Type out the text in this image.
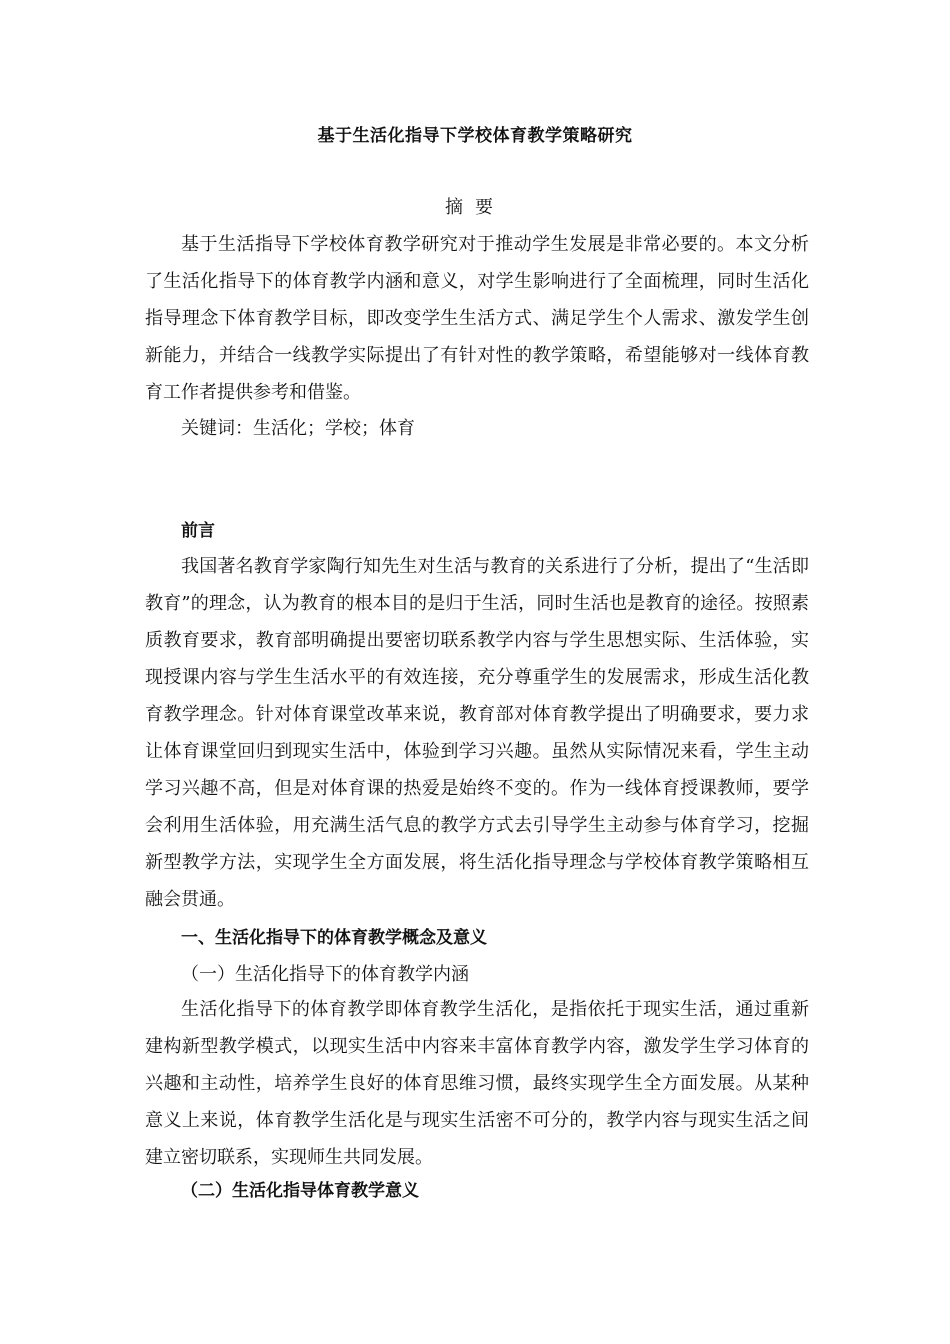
基于生活化指导下学校体育教学策略研究
摘要

基于生活指导下学校体育教学研究对于推动学生发展是非常必要的。本文分析了生活化指导下的体育教学内涵和意义，对学生影响进行了全面梳理，同时生活化指导理念下体育教学目标，即改变学生生活方式、满足学生个人需求、激发学生创新能力，并结合一线教学实际提出了有针对性的教学策略，希望能够对一线体育教育工作者提供参考和借鉴。

关键词：生活化；学校；体育

前言

我国著名教育学家陶行知先生对生活与教育的关系进行了分析，提出了“生活即教育”的理念，认为教育的根本目的是归于生活，同时生活也是教育的途径。按照素质教育要求，教育部明确提出要密切联系教学内容与学生思想实际、生活体验，实现授课内容与学生生活水平的有效连接，充分尊重学生的发展需求，形成生活化教育教学理念。针对体育课堂改革来说，教育部对体育教学提出了明确要求，要力求让体育课堂回归到现实生活中，体验到学习兴趣。虽然从实际情况来看，学生主动学习兴趣不高，但是对体育课的热爱是始终不变的。作为一线体育授课教师，要学会利用生活体验，用充满生活气息的教学方式去引导学生主动参与体育学习，挖掘新型教学方法，实现学生全方面发展，将生活化指导理念与学校体育教学策略相互融会贯通。

一、生活化指导下的体育教学概念及意义

（一）生活化指导下的体育教学内涵

生活化指导下的体育教学即体育教学生活化，是指依托于现实生活，通过重新建构新型教学模式，以现实生活中内容来丰富体育教学内容，激发学生学习体育的兴趣和主动性，培养学生良好的体育思维习惯，最终实现学生全方面发展。从某种意义上来说，体育教学生活化是与现实生活密不可分的，教学内容与现实生活之间建立密切联系，实现师生共同发展。

（二）生活化指导体育教学意义
